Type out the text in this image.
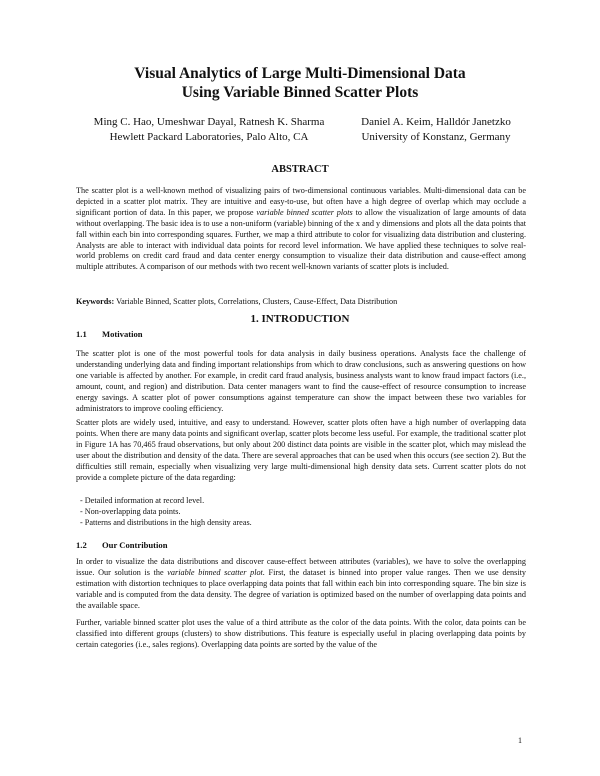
Visual Analytics of Large Multi-Dimensional Data
Using Variable Binned Scatter Plots
Ming C. Hao, Umeshwar Dayal, Ratnesh K. Sharma
Hewlett Packard Laboratories, Palo Alto, CA
Daniel A. Keim, Halldór Janetzko
University of Konstanz, Germany
ABSTRACT
The scatter plot is a well-known method of visualizing pairs of two-dimensional continuous variables. Multi-dimensional data can be depicted in a scatter plot matrix. They are intuitive and easy-to-use, but often have a high degree of overlap which may occlude a significant portion of data. In this paper, we propose variable binned scatter plots to allow the visualization of large amounts of data without overlapping. The basic idea is to use a non-uniform (variable) binning of the x and y dimensions and plots all the data points that fall within each bin into corresponding squares. Further, we map a third attribute to color for visualizing data distribution and clustering. Analysts are able to interact with individual data points for record level information. We have applied these techniques to solve real-world problems on credit card fraud and data center energy consumption to visualize their data distribution and cause-effect among multiple attributes. A comparison of our methods with two recent well-known variants of scatter plots is included.
Keywords: Variable Binned, Scatter plots, Correlations, Clusters, Cause-Effect, Data Distribution
1. INTRODUCTION
1.1 Motivation
The scatter plot is one of the most powerful tools for data analysis in daily business operations. Analysts face the challenge of understanding underlying data and finding important relationships from which to draw conclusions, such as answering questions on how one variable is affected by another. For example, in credit card fraud analysis, business analysts want to know fraud impact factors (i.e., amount, count, and region) and distribution. Data center managers want to find the cause-effect of resource consumption to increase energy savings. A scatter plot of power consumptions against temperature can show the impact between these two variables for administrators to improve cooling efficiency.
Scatter plots are widely used, intuitive, and easy to understand. However, scatter plots often have a high number of overlapping data points. When there are many data points and significant overlap, scatter plots become less useful. For example, the traditional scatter plot in Figure 1A has 70,465 fraud observations, but only about 200 distinct data points are visible in the scatter plot, which may mislead the user about the distribution and density of the data. There are several approaches that can be used when this occurs (see section 2). But the difficulties still remain, especially when visualizing very large multi-dimensional high density data sets. Current scatter plots do not provide a complete picture of the data regarding:
- Detailed information at record level.
- Non-overlapping data points.
- Patterns and distributions in the high density areas.
1.2 Our Contribution
In order to visualize the data distributions and discover cause-effect between attributes (variables), we have to solve the overlapping issue. Our solution is the variable binned scatter plot. First, the dataset is binned into proper value ranges. Then we use density estimation with distortion techniques to place overlapping data points that fall within each bin into corresponding square. The bin size is variable and is computed from the data density. The degree of variation is optimized based on the number of overlapping data points and the available space.
Further, variable binned scatter plot uses the value of a third attribute as the color of the data points. With the color, data points can be classified into different groups (clusters) to show distributions. This feature is especially useful in placing overlapping data points by certain categories (i.e., sales regions). Overlapping data points are sorted by the value of the
1
